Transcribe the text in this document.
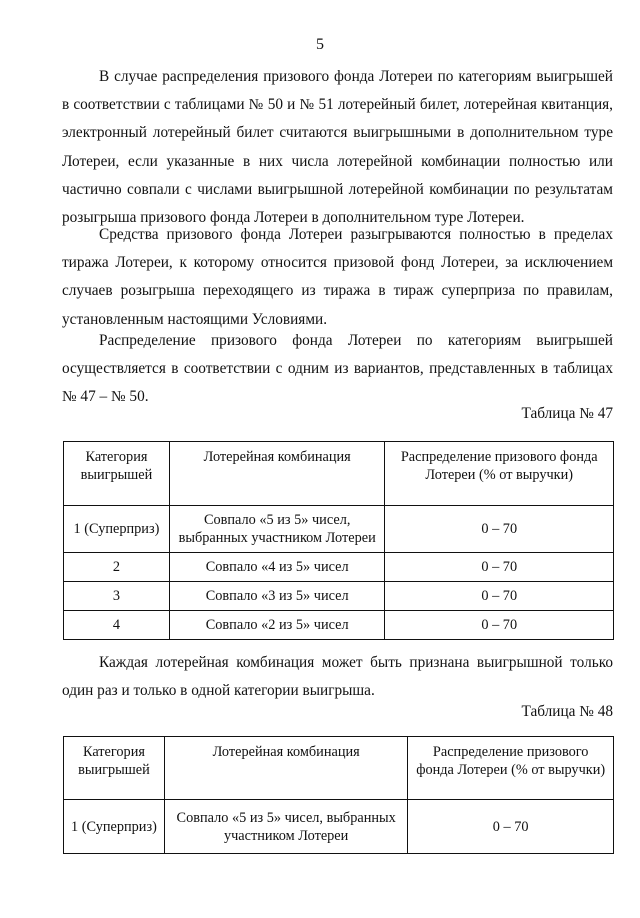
5

В случае распределения призового фонда Лотереи по категориям выигрышей в соответствии с таблицами № 50 и № 51 лотерейный билет, лотерейная квитанция, электронный лотерейный билет считаются выигрышными в дополнительном туре Лотереи, если указанные в них числа лотерейной комбинации полностью или частично совпали с числами выигрышной лотерейной комбинации по результатам розыгрыша призового фонда Лотереи в дополнительном туре Лотереи.

Средства призового фонда Лотереи разыгрываются полностью в пределах тиража Лотереи, к которому относится призовой фонд Лотереи, за исключением случаев розыгрыша переходящего из тиража в тираж суперприза по правилам, установленным настоящими Условиями.

Распределение призового фонда Лотереи по категориям выигрышей осуществляется в соответствии с одним из вариантов, представленных в таблицах № 47 – № 50.

Таблица № 47
Категория выигрышей	Лотерейная комбинация	Распределение призового фонда Лотереи (% от выручки)
1 (Суперприз)	Совпало «5 из 5» чисел, выбранных участником Лотереи	0 – 70
2	Совпало «4 из 5» чисел	0 – 70
3	Совпало «3 из 5» чисел	0 – 70
4	Совпало «2 из 5» чисел	0 – 70

Каждая лотерейная комбинация может быть признана выигрышной только один раз и только в одной категории выигрыша.

Таблица № 48
Категория выигрышей	Лотерейная комбинация	Распределение призового фонда Лотереи (% от выручки)
1 (Суперприз)	Совпало «5 из 5» чисел, выбранных участником Лотереи	0 – 70
